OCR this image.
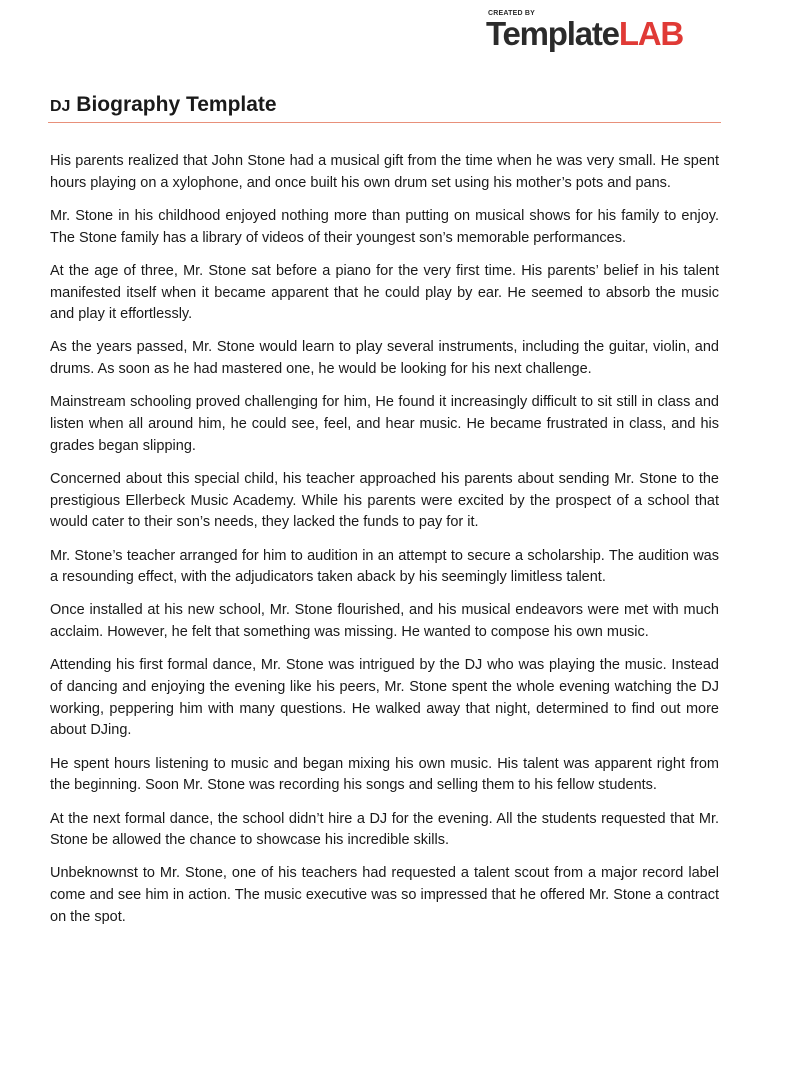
CREATED BY
TemplateLAB
DJ Biography Template

His parents realized that John Stone had a musical gift from the time when he was very small. He spent hours playing on a xylophone, and once built his own drum set using his mother’s pots and pans.

Mr. Stone in his childhood enjoyed nothing more than putting on musical shows for his family to enjoy. The Stone family has a library of videos of their youngest son’s memorable performances.

At the age of three, Mr. Stone sat before a piano for the very first time. His parents’ belief in his talent manifested itself when it became apparent that he could play by ear. He seemed to absorb the music and play it effortlessly.

As the years passed, Mr. Stone would learn to play several instruments, including the guitar, violin, and drums. As soon as he had mastered one, he would be looking for his next challenge.

Mainstream schooling proved challenging for him, He found it increasingly difficult to sit still in class and listen when all around him, he could see, feel, and hear music. He became frustrated in class, and his grades began slipping.

Concerned about this special child, his teacher approached his parents about sending Mr. Stone to the prestigious Ellerbeck Music Academy. While his parents were excited by the prospect of a school that would cater to their son’s needs, they lacked the funds to pay for it.

Mr. Stone’s teacher arranged for him to audition in an attempt to secure a scholarship. The audition was a resounding effect, with the adjudicators taken aback by his seemingly limitless talent.

Once installed at his new school, Mr. Stone flourished, and his musical endeavors were met with much acclaim. However, he felt that something was missing. He wanted to compose his own music.

Attending his first formal dance, Mr. Stone was intrigued by the DJ who was playing the music. Instead of dancing and enjoying the evening like his peers, Mr. Stone spent the whole evening watching the DJ working, peppering him with many questions. He walked away that night, determined to find out more about DJing.

He spent hours listening to music and began mixing his own music. His talent was apparent right from the beginning. Soon Mr. Stone was recording his songs and selling them to his fellow students.

At the next formal dance, the school didn’t hire a DJ for the evening. All the students requested that Mr. Stone be allowed the chance to showcase his incredible skills.

Unbeknownst to Mr. Stone, one of his teachers had requested a talent scout from a major record label come and see him in action. The music executive was so impressed that he offered Mr. Stone a contract on the spot.
